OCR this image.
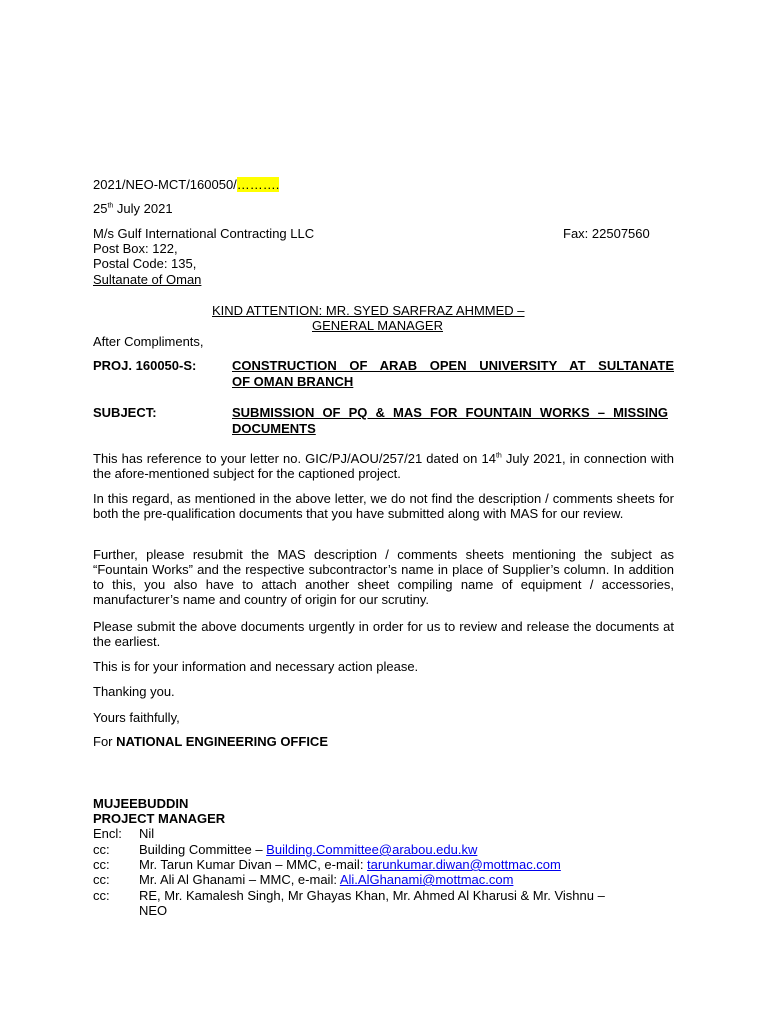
2021/NEO-MCT/160050/……….
25th July 2021
M/s Gulf International Contracting LLC	Fax: 22507560
Post Box: 122,
Postal Code: 135,
Sultanate of Oman
KIND ATTENTION: MR. SYED SARFRAZ AHMMED –
GENERAL MANAGER
After Compliments,
PROJ. 160050-S:	CONSTRUCTION OF ARAB OPEN UNIVERSITY AT SULTANATE
OF OMAN BRANCH
SUBJECT:	SUBMISSION OF PQ & MAS FOR FOUNTAIN WORKS – MISSING
DOCUMENTS
This has reference to your letter no. GIC/PJ/AOU/257/21 dated on 14th July 2021, in connection with the afore-mentioned subject for the captioned project.
In this regard, as mentioned in the above letter, we do not find the description / comments sheets for both the pre-qualification documents that you have submitted along with MAS for our review.
Further, please resubmit the MAS description / comments sheets mentioning the subject as “Fountain Works” and the respective subcontractor’s name in place of Supplier’s column. In addition to this, you also have to attach another sheet compiling name of equipment / accessories, manufacturer’s name and country of origin for our scrutiny.
Please submit the above documents urgently in order for us to review and release the documents at the earliest.
This is for your information and necessary action please.
Thanking you.
Yours faithfully,
For NATIONAL ENGINEERING OFFICE
MUJEEBUDDIN
PROJECT MANAGER
Encl: Nil
cc: Building Committee – Building.Committee@arabou.edu.kw
cc: Mr. Tarun Kumar Divan – MMC, e-mail: tarunkumar.diwan@mottmac.com
cc: Mr. Ali Al Ghanami – MMC, e-mail: Ali.AlGhanami@mottmac.com
cc: RE, Mr. Kamalesh Singh, Mr Ghayas Khan, Mr. Ahmed Al Kharusi & Mr. Vishnu – NEO
